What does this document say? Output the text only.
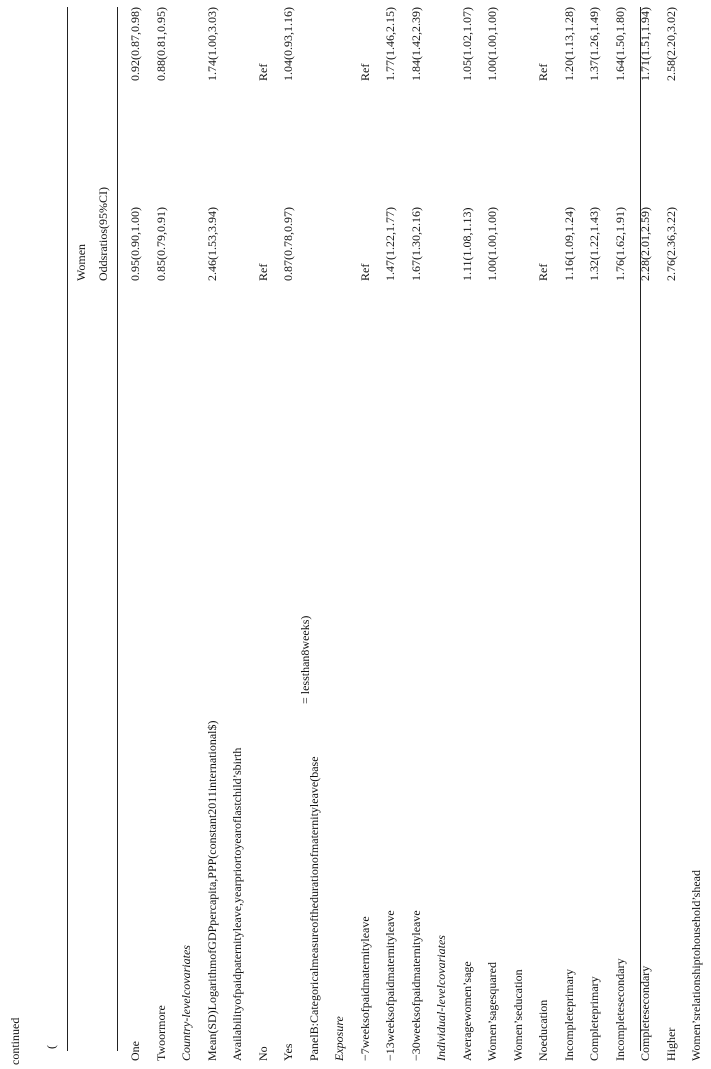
continued (
Women Oddsratios(95%CI)
One
0.95(0.90,1.00)
0.92(0.87,0.98)
Twoormore
0.85(0.79,0.91)
0.88(0.81,0.95)
Country-levelcovariates Mean(SD)LogarithmofGDPpercapita,PPP(constant2011international$)
2.46(1.53,3.94)
1.74(1.00,3.03)
Availabilityofpaidpaternityleave,yearpriortoyearoflastchild’sbirth No
Ref
Ref
Yes
0.87(0.78,0.97)
1.04(0.93,1.16)
PanelB:Categoricalmeasureofthedurationofmaternityleave(base Exposure −7weeksofpaidmaternityleave
Ref
Ref
−13weeksofpaidmaternityleave
1.47(1.22,1.77)
1.77(1.46,2.15)
−30weeksofpaidmaternityleave
1.67(1.30,2.16)
1.84(1.42,2.39)
Individual-levelcovariates Averagewomen’sage
1.11(1.08,1.13)
1.05(1.02,1.07)
Women’sagesquared
1.00(1.00,1.00)
1.00(1.00,1.00)
Women’seducation Noeducation
Ref
Ref
Incompleteprimary
1.16(1.09,1.24)
1.20(1.13,1.28)
Completeprimary
1.32(1.22,1.43)
1.37(1.26,1.49)
Incompletesecondary
1.76(1.62,1.91)
1.64(1.50,1.80)
Completesecondary
2.28(2.01,2.59)
1.71(1.51,1.94)
Higher
2.76(2.36,3.22)
2.58(2.20,3.02)
Women’srelationshiptohousehold’shead
= lessthan8weeks)
